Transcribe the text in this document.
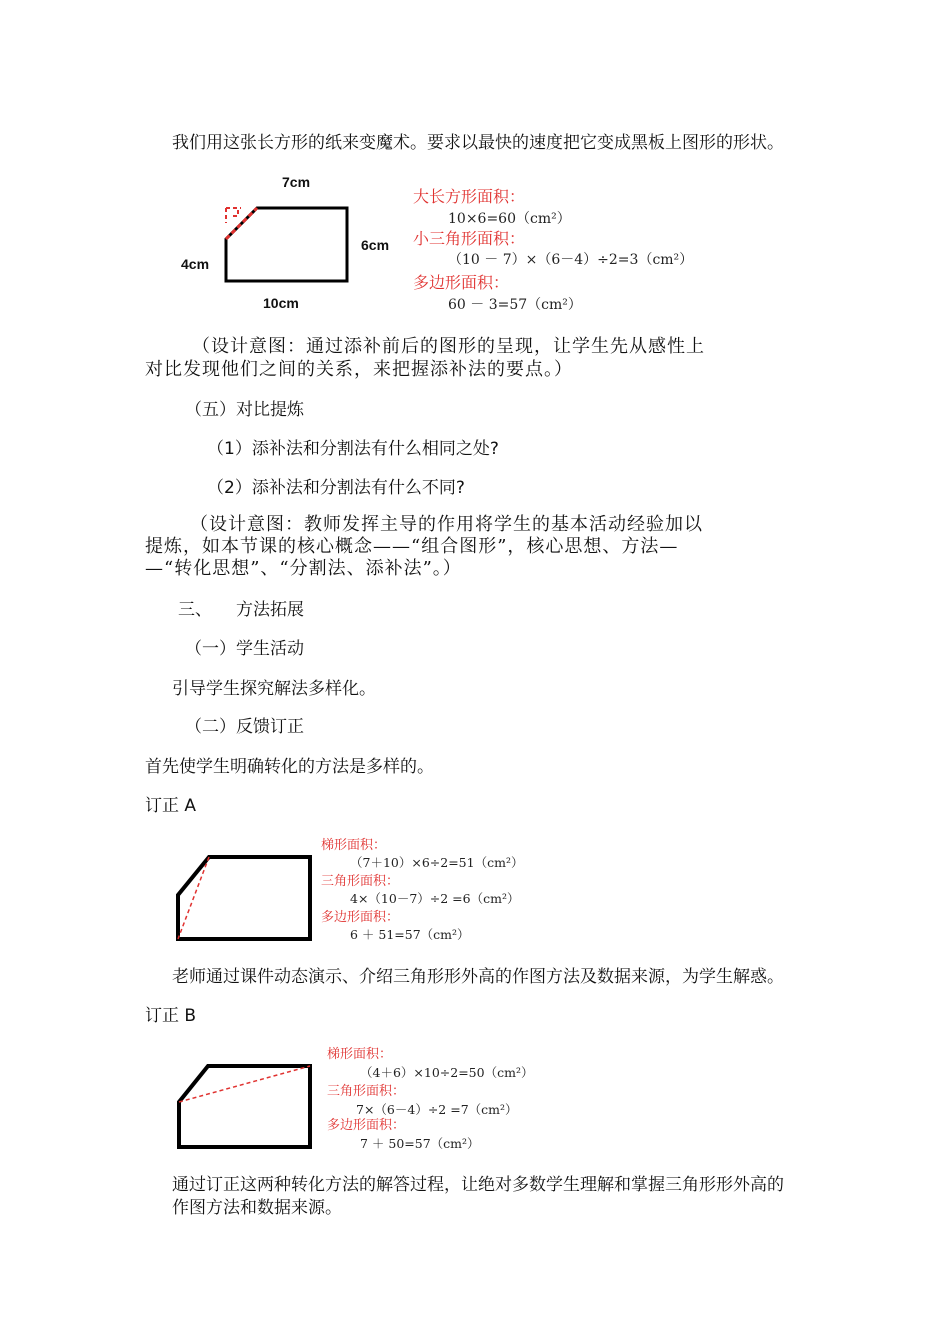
我们用这张长方形的纸来变魔术。要求以最快的速度把它变成黑板上图形的形状。
7cm
6cm
4cm
10cm
大长方形面积：
10×6=60（cm²）
小三角形面积：
（10 － 7）×（6－4）÷2=3（cm²）
多边形面积：
60 － 3=57（cm²）
（设计意图：通过添补前后的图形的呈现，让学生先从感性上
对比发现他们之间的关系，来把握添补法的要点。）
（五）对比提炼
（1）添补法和分割法有什么相同之处?
（2）添补法和分割法有什么不同?
（设计意图：教师发挥主导的作用将学生的基本活动经验加以
提炼，如本节课的核心概念——“组合图形”，核心思想、方法—
—“转化思想”、“分割法、添补法”。）
三、 方法拓展
（一）学生活动
引导学生探究解法多样化。
（二）反馈订正
首先使学生明确转化的方法是多样的。
订正 A
梯形面积：
（7＋10）×6÷2=51（cm²）
三角形面积：
4×（10－7）÷2 =6（cm²）
多边形面积：
6 ＋ 51=57（cm²）
老师通过课件动态演示、介绍三角形形外高的作图方法及数据来源，为学生解惑。
订正 B
梯形面积：
（4＋6）×10÷2=50（cm²）
三角形面积：
7×（6－4）÷2 =7（cm²）
多边形面积：
7 ＋ 50=57（cm²）
通过订正这两种转化方法的解答过程，让绝对多数学生理解和掌握三角形形外高的
作图方法和数据来源。
